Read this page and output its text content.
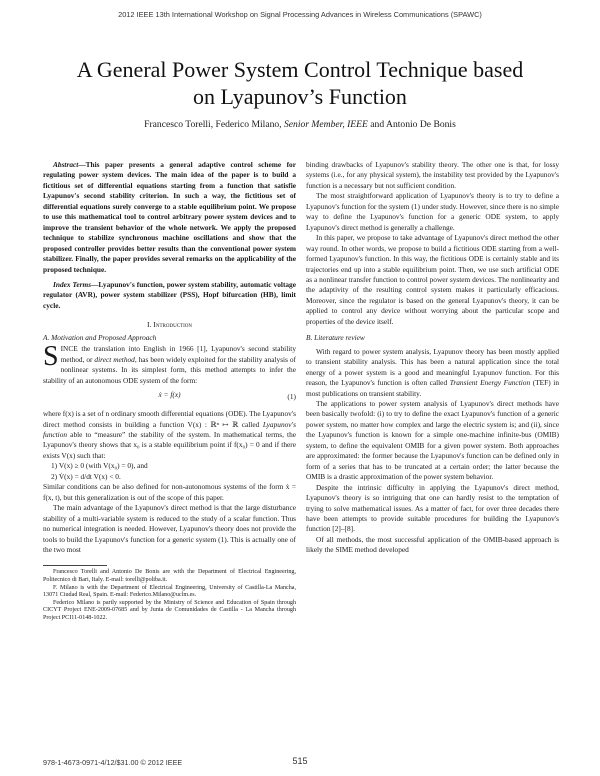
2012 IEEE 13th International Workshop on Signal Processing Advances in Wireless Communications (SPAWC)
A General Power System Control Technique based
on Lyapunov’s Function
Francesco Torelli, Federico Milano, Senior Member, IEEE and Antonio De Bonis
Abstract—This paper presents a general adaptive control scheme for regulating power system devices. The main idea of the paper is to build a fictitious set of differential equations starting from a function that satisfie Lyapunov's second stability criterion. In such a way, the fictitious set of differential equations surely converge to a stable equilibrium point. We propose to use this mathematical tool to control arbitrary power system devices and to improve the transient behavior of the whole network. We apply the proposed technique to stabilize synchronous machine oscillations and show that the proposed controller provides better results than the conventional power system stabilizer. Finally, the paper provides several remarks on the applicability of the proposed technique.
Index Terms—Lyapunov's function, power system stability, automatic voltage regulator (AVR), power system stabilizer (PSS), Hopf bifurcation (HB), limit cycle.
I. Introduction
A. Motivation and Proposed Approach
SINCE the translation into English in 1966 [1], Lyapunov's second stability method, or direct method, has been widely exploited for the stability analysis of nonlinear systems. In its simplest form, this method attempts to infer the stability of an autonomous ODE system of the form:
ẋ = f(x)	(1)
where f(x) is a set of n ordinary smooth differential equations (ODE). The Lyapunov's direct method consists in building a function V(x) : ℝⁿ ↦ ℝ called Lyapunov's function able to “measure” the stability of the system. In mathematical terms, the Lyapunov's theory shows that x₀ is a stable equilibrium point if f(x₀) = 0 and if there exists V(x) such that:
1) V(x) ≥ 0 (with V(x₀) = 0), and
2) V̇(x) = d/dt V(x) < 0.
Similar conditions can be also defined for non-autonomous systems of the form ẋ = f(x, t), but this generalization is out of the scope of this paper.
The main advantage of the Lyapunov's direct method is that the large disturbance stability of a multi-variable system is reduced to the study of a scalar function. Thus no numerical integration is needed. However, Lyapunov's theory does not provide the tools to build the Lyapunov's function for a generic system (1). This is actually one of the two most
Francesco Torelli and Antonio De Bonis are with the Department of Electrical Engineering, Politecnico di Bari, Italy. E-mail: torelli@poliba.it.
F. Milano is with the Department of Electrical Engineering, University of Castilla-La Mancha, 13071 Ciudad Real, Spain. E-mail: Federico.Milano@uclm.es.
Federico Milano is partly supported by the Ministry of Science and Education of Spain through CICYT Project ENE-2009-07685 and by Junta de Comunidades de Castilla - La Mancha through Project PCI11-0148-1022.
binding drawbacks of Lyapunov's stability theory. The other one is that, for lossy systems (i.e., for any physical system), the instability test provided by the Lyapunov's function is a necessary but not sufficient condition.
The most straightforward application of Lyapunov's theory is to try to define a Lyapunov's function for the system (1) under study. However, since there is no simple way to define the Lyapunov's function for a generic ODE system, to apply Lyapunov's direct method is generally a challenge.
In this paper, we propose to take advantage of Lyapunov's direct method the other way round. In other words, we propose to build a fictitious ODE starting from a well-formed Lyapunov's function. In this way, the fictitious ODE is certainly stable and its trajectories end up into a stable equilibrium point. Then, we use such artificial ODE as a nonlinear transfer function to control power system devices. The nonlinearity and the adaptivity of the resulting control system makes it particularly efficacious. Moreover, since the regulator is based on the general Lyapunov's theory, it can be applied to control any device without worrying about the particular scope and properties of the device itself.
B. Literature review
With regard to power system analysis, Lyapunov theory has been mostly applied to transient stability analysis. This has been a natural application since the total energy of a power system is a good and meaningful Lyapunov function. For this reason, the Lyapunov's function is often called Transient Energy Function (TEF) in most publications on transient stability.
The applications to power system analysis of Lyapunov's direct methods have been basically twofold: (i) to try to define the exact Lyapunov's function of a generic power system, no matter how complex and large the electric system is; and (ii), since the Lyapunov's function is known for a simple one-machine infinite-bus (OMIB) system, to define the equivalent OMIB for a given power system. Both approaches are approximated: the former because the Lyapunov's function can be defined only in form of a series that has to be truncated at a certain order; the latter because the OMIB is a drastic approximation of the power system behavior.
Despite the intrinsic difficulty in applying the Lyapunov's direct method, Lyapunov's theory is so intriguing that one can hardly resist to the temptation of trying to solve mathematical issues. As a matter of fact, for over three decades there have been attempts to provide suitable procedures for building the Lyapunov's function [2]–[8].
Of all methods, the most successful application of the OMIB-based approach is likely the SIME method developed
978-1-4673-0971-4/12/$31.00 © 2012 IEEE	515
